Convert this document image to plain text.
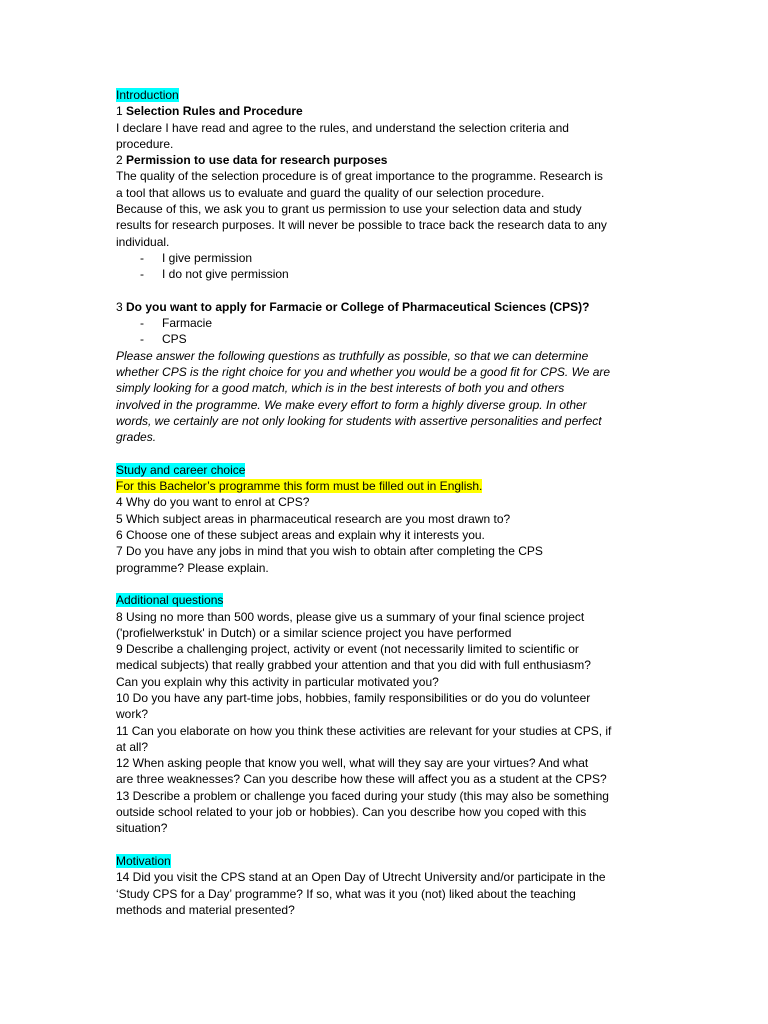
Introduction
1 Selection Rules and Procedure
I declare I have read and agree to the rules, and understand the selection criteria and
procedure.
2 Permission to use data for research purposes
The quality of the selection procedure is of great importance to the programme. Research is
a tool that allows us to evaluate and guard the quality of our selection procedure.
Because of this, we ask you to grant us permission to use your selection data and study
results for research purposes. It will never be possible to trace back the research data to any
individual.
-	I give permission
-	I do not give permission
3 Do you want to apply for Farmacie or College of Pharmaceutical Sciences (CPS)?
-	Farmacie
-	CPS
Please answer the following questions as truthfully as possible, so that we can determine
whether CPS is the right choice for you and whether you would be a good fit for CPS. We are
simply looking for a good match, which is in the best interests of both you and others
involved in the programme. We make every effort to form a highly diverse group. In other
words, we certainly are not only looking for students with assertive personalities and perfect
grades.
Study and career choice
For this Bachelor’s programme this form must be filled out in English.
4 Why do you want to enrol at CPS?
5 Which subject areas in pharmaceutical research are you most drawn to?
6 Choose one of these subject areas and explain why it interests you.
7 Do you have any jobs in mind that you wish to obtain after completing the CPS
programme? Please explain.
Additional questions
8 Using no more than 500 words, please give us a summary of your final science project
('profielwerkstuk' in Dutch) or a similar science project you have performed
9 Describe a challenging project, activity or event (not necessarily limited to scientific or
medical subjects) that really grabbed your attention and that you did with full enthusiasm?
Can you explain why this activity in particular motivated you?
10 Do you have any part-time jobs, hobbies, family responsibilities or do you do volunteer
work?
11 Can you elaborate on how you think these activities are relevant for your studies at CPS, if
at all?
12 When asking people that know you well, what will they say are your virtues? And what
are three weaknesses? Can you describe how these will affect you as a student at the CPS?
13 Describe a problem or challenge you faced during your study (this may also be something
outside school related to your job or hobbies). Can you describe how you coped with this
situation?
Motivation
14 Did you visit the CPS stand at an Open Day of Utrecht University and/or participate in the
‘Study CPS for a Day’ programme? If so, what was it you (not) liked about the teaching
methods and material presented?
